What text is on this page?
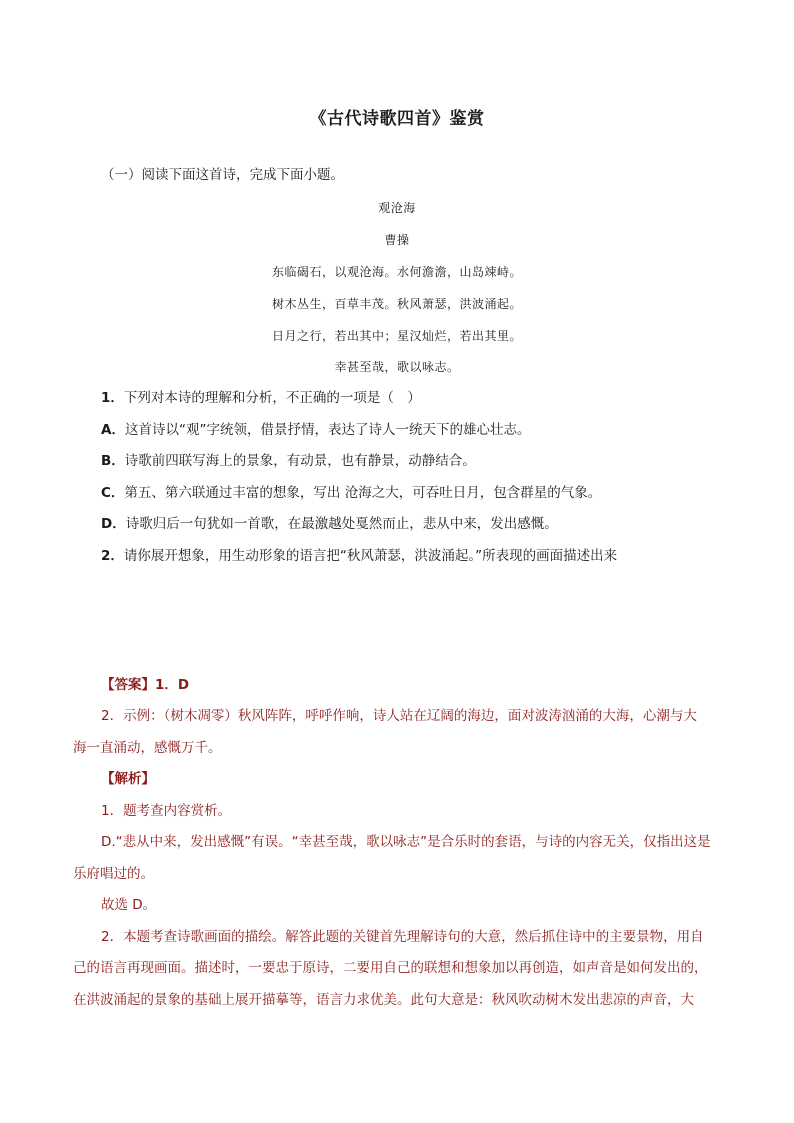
《古代诗歌四首》鉴赏
（一）阅读下面这首诗，完成下面小题。
观沧海
曹操
东临碣石，以观沧海。水何澹澹，山岛竦峙。
树木丛生，百草丰茂。秋风萧瑟，洪波涌起。
日月之行，若出其中；星汉灿烂，若出其里。
幸甚至哉，歌以咏志。
1．下列对本诗的理解和分析，不正确的一项是（　）
A．这首诗以“观”字统领，借景抒情，表达了诗人一统天下的雄心壮志。
B．诗歌前四联写海上的景象，有动景，也有静景，动静结合。
C．第五、第六联通过丰富的想象，写出 沧海之大，可吞吐日月，包含群星的气象。
D．诗歌归后一句犹如一首歌，在最激越处戛然而止，悲从中来，发出感慨。
2．请你展开想象，用生动形象的语言把“秋风萧瑟，洪波涌起。”所表现的画面描述出来
【答案】1．D
2．示例：（树木凋零）秋风阵阵，呼呼作响，诗人站在辽阔的海边，面对波涛汹涌的大海，心潮与大
海一直涌动，感慨万千。
【解析】
1．题考查内容赏析。
D.“悲从中来，发出感慨”有误。“幸甚至哉，歌以咏志”是合乐时的套语，与诗的内容无关，仅指出这是
乐府唱过的。
故选 D。
2．本题考查诗歌画面的描绘。解答此题的关键首先理解诗句的大意，然后抓住诗中的主要景物，用自
己的语言再现画面。描述时，一要忠于原诗，二要用自己的联想和想象加以再创造，如声音是如何发出的，
在洪波涌起的景象的基础上展开描摹等，语言力求优美。此句大意是：秋风吹动树木发出悲凉的声音，大
